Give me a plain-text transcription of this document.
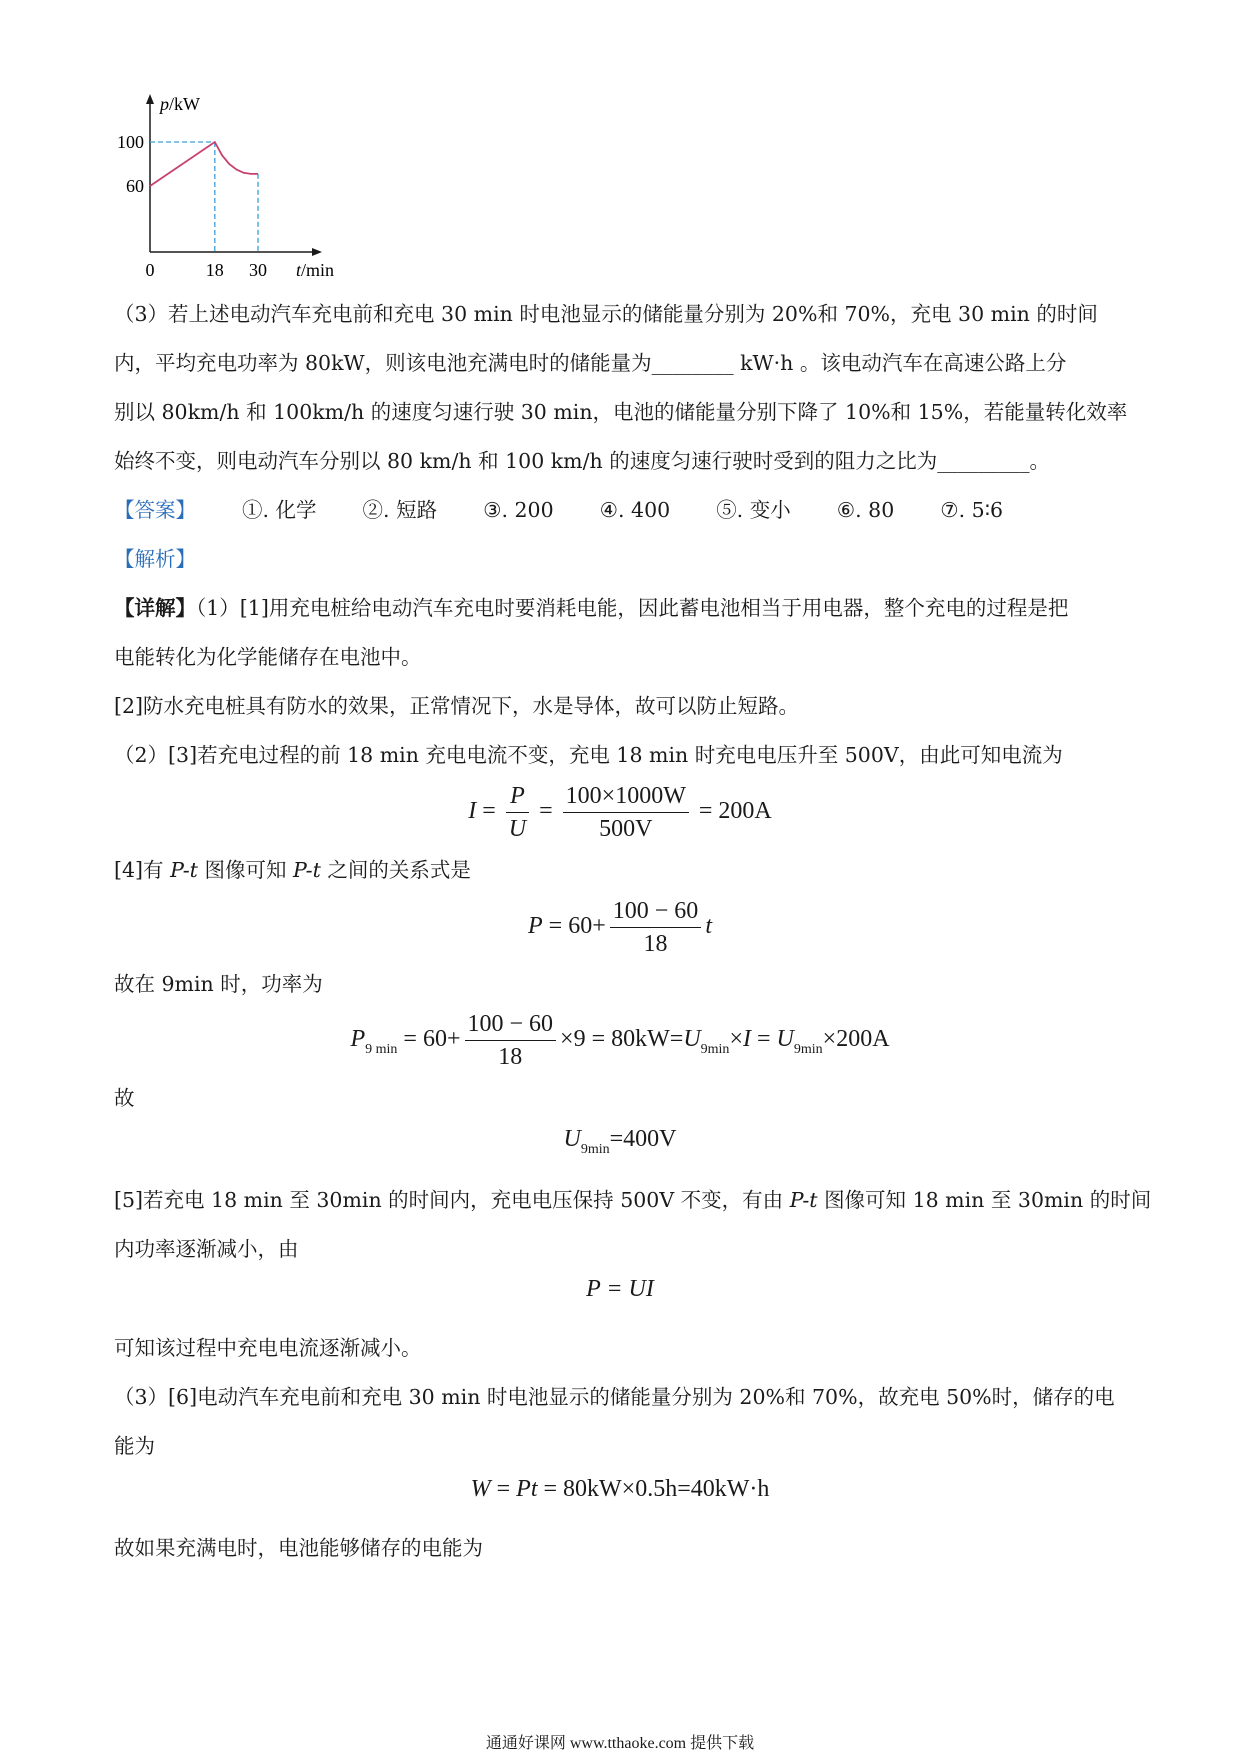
p/kW
t/min
0	18 30
60
100
（3）若上述电动汽车充电前和充电 30 min 时电池显示的储能量分别为 20%和 70%，充电 30 min 的时间
内，平均充电功率为 80kW，则该电池充满电时的储能量为________ kW·h 。该电动汽车在高速公路上分
别以 80km/h 和 100km/h 的速度匀速行驶 30 min，电池的储能量分别下降了 10%和 15%，若能量转化效率
始终不变，则电动汽车分别以 80 km/h 和 100 km/h 的速度匀速行驶时受到的阻力之比为_________。
【答案】 ①. 化学 ②. 短路 ③. 200 ④. 400 ⑤. 变小 ⑥. 80 ⑦. 5∶6
【解析】
【详解】（1）[1]用充电桩给电动汽车充电时要消耗电能，因此蓄电池相当于用电器，整个充电的过程是把
电能转化为化学能储存在电池中。
[2]防水充电桩具有防水的效果，正常情况下，水是导体，故可以防止短路。
（2）[3]若充电过程的前 18 min 充电电流不变，充电 18 min 时充电电压升至 500V，由此可知电流为
$I = \frac{P}{U} = \frac{100\times 1000W}{500V} = 200A$
[4]有 P-t 图像可知 P-t 之间的关系式是
$P = 60+ \frac{100 - 60}{18}$ t
故在 9min 时，功率为
$P_{9 min} = 60+ \frac{100 - 60}{18} \times 9 = 80kW=U_{9min}\times I = U_{9min}\times 200A$
故
$U_{9min}=400V$
[5]若充电 18 min 至 30min 的时间内，充电电压保持 500V 不变，有由 P-t 图像可知 18 min 至 30min 的时间
内功率逐渐减小，由
P = UI
可知该过程中充电电流逐渐减小。
（3）[6]电动汽车充电前和充电 30 min 时电池显示的储能量分别为 20%和 70%，故充电 50%时，储存的电
能为
W = Pt = 80kW×0.5h=40kW·h
故如果充满电时，电池能够储存的电能为
通通好课网 www.tthaoke.com 提供下载
